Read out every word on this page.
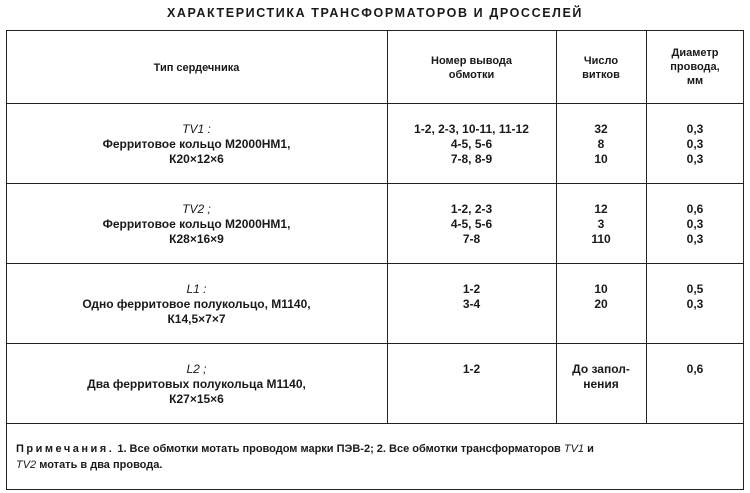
ХАРАКТЕРИСТИКА ТРАНСФОРМАТОРОВ И ДРОССЕЛЕЙ
Тип сердечника
Номер вывода
обмотки
Число
витков
Диаметр
провода,
мм
TV1 :
Ферритовое кольцо М2000НМ1,
К20×12×6
1-2, 2-3, 10-11, 11-12
4-5, 5-6
7-8, 8-9
32
8
10
0,3
0,3
0,3
TV2 ;
Ферритовое кольцо М2000НМ1,
К28×16×9
1-2, 2-3
4-5, 5-6
7-8
12
3
110
0,6
0,3
0,3
L1 :
Одно ферритовое полукольцо, М1140,
К14,5×7×7
1-2
3-4
10
20
0,5
0,3
L2 ;
Два ферритовых полукольца М1140,
К27×15×6
1-2	До запол-
нения
0,6
Примечания. 1. Все обмотки мотать проводом марки ПЭВ-2; 2. Все обмотки трансформаторов TV1 и
TV2 мотать в два провода.
